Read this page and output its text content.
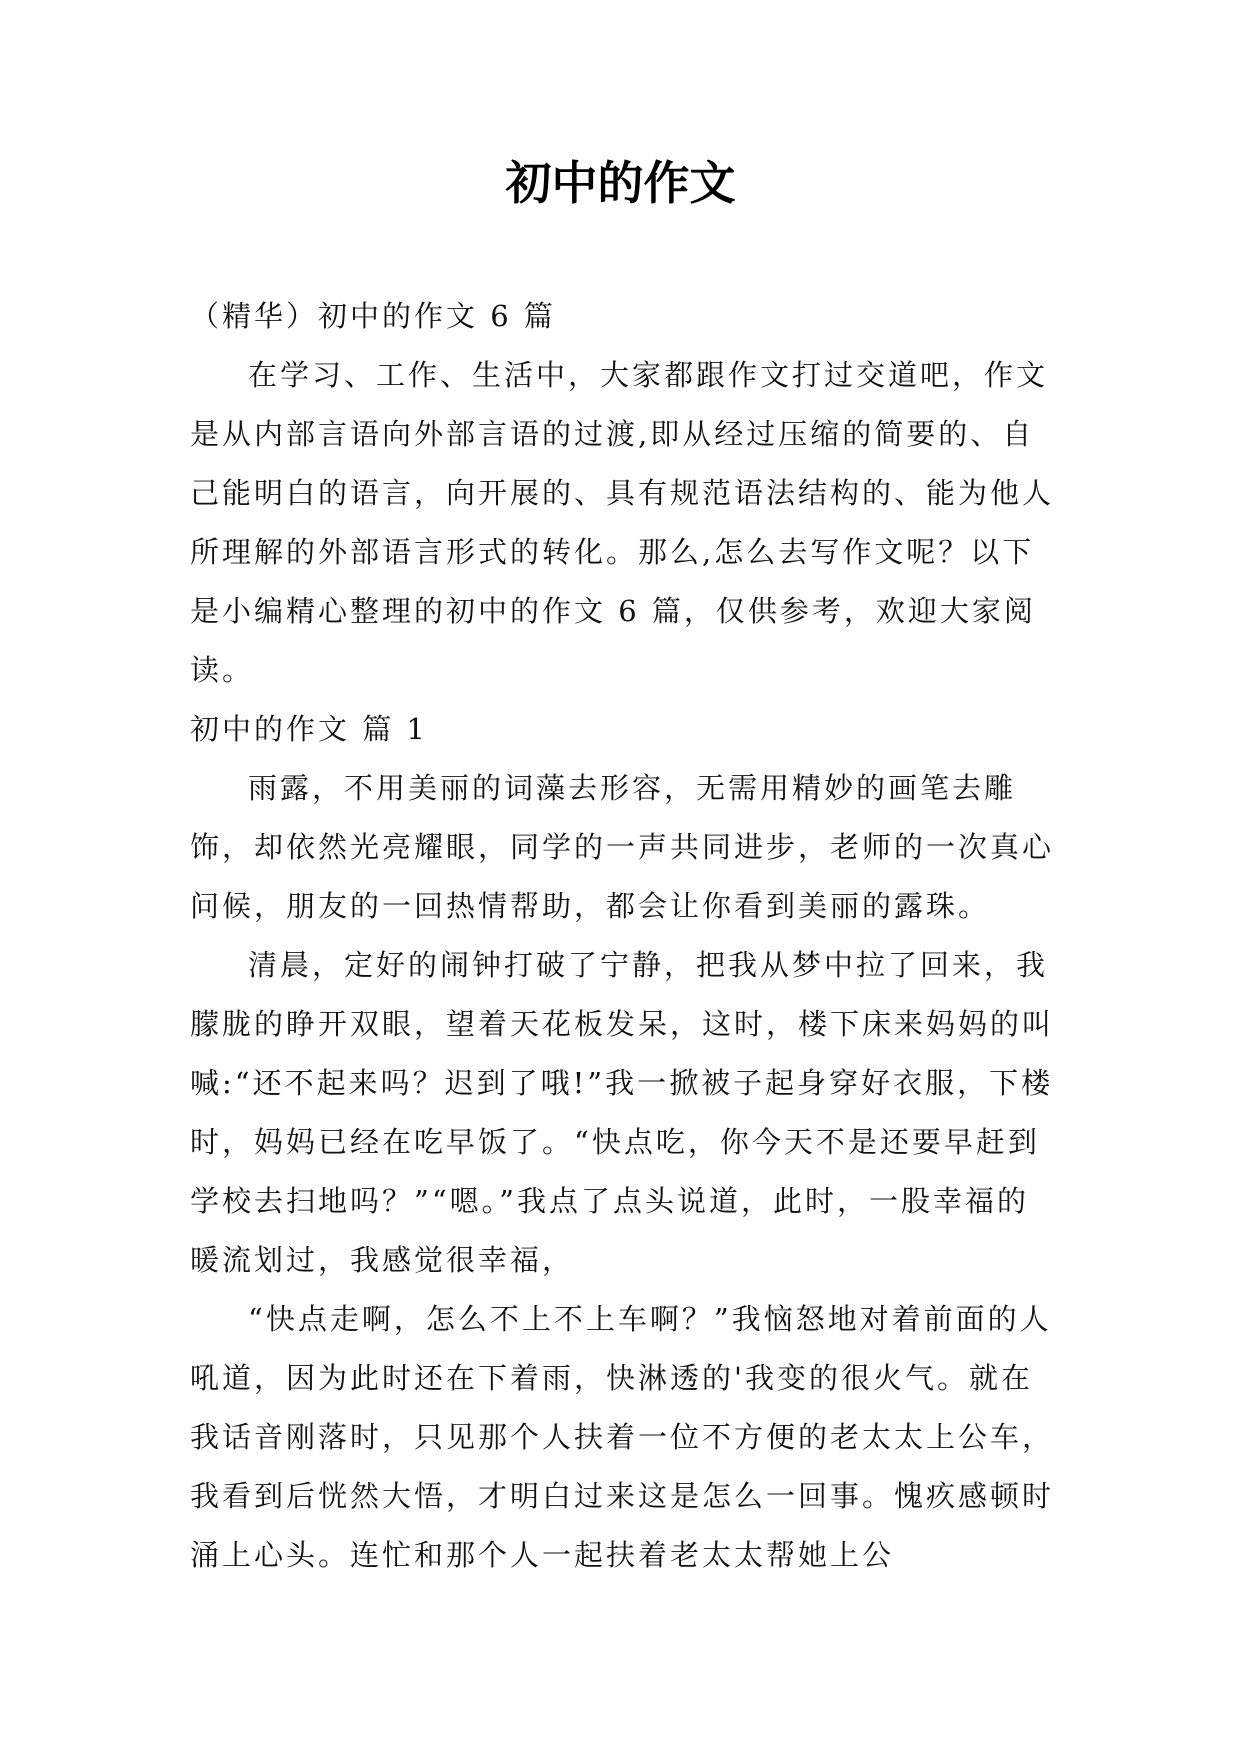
初中的作文

（精华）初中的作文 6 篇

在学习、工作、生活中，大家都跟作文打过交道吧，作文是从内部言语向外部言语的过渡,即从经过压缩的简要的、自己能明白的语言，向开展的、具有规范语法结构的、能为他人所理解的外部语言形式的转化。那么,怎么去写作文呢？以下是小编精心整理的初中的作文 6 篇，仅供参考，欢迎大家阅读。

初中的作文 篇 1

雨露，不用美丽的词藻去形容，无需用精妙的画笔去雕饰，却依然光亮耀眼，同学的一声共同进步，老师的一次真心问候，朋友的一回热情帮助，都会让你看到美丽的露珠。

清晨，定好的闹钟打破了宁静，把我从梦中拉了回来，我朦胧的睁开双眼，望着天花板发呆，这时，楼下床来妈妈的叫喊:“还不起来吗？迟到了哦!”我一掀被子起身穿好衣服，下楼时，妈妈已经在吃早饭了。“快点吃，你今天不是还要早赶到学校去扫地吗？”“嗯。”我点了点头说道，此时，一股幸福的暖流划过，我感觉很幸福，

“快点走啊，怎么不上不上车啊？”我恼怒地对着前面的人吼道，因为此时还在下着雨，快淋透的'我变的很火气。就在我话音刚落时，只见那个人扶着一位不方便的老太太上公车，我看到后恍然大悟，才明白过来这是怎么一回事。愧疚感顿时涌上心头。连忙和那个人一起扶着老太太帮她上公
